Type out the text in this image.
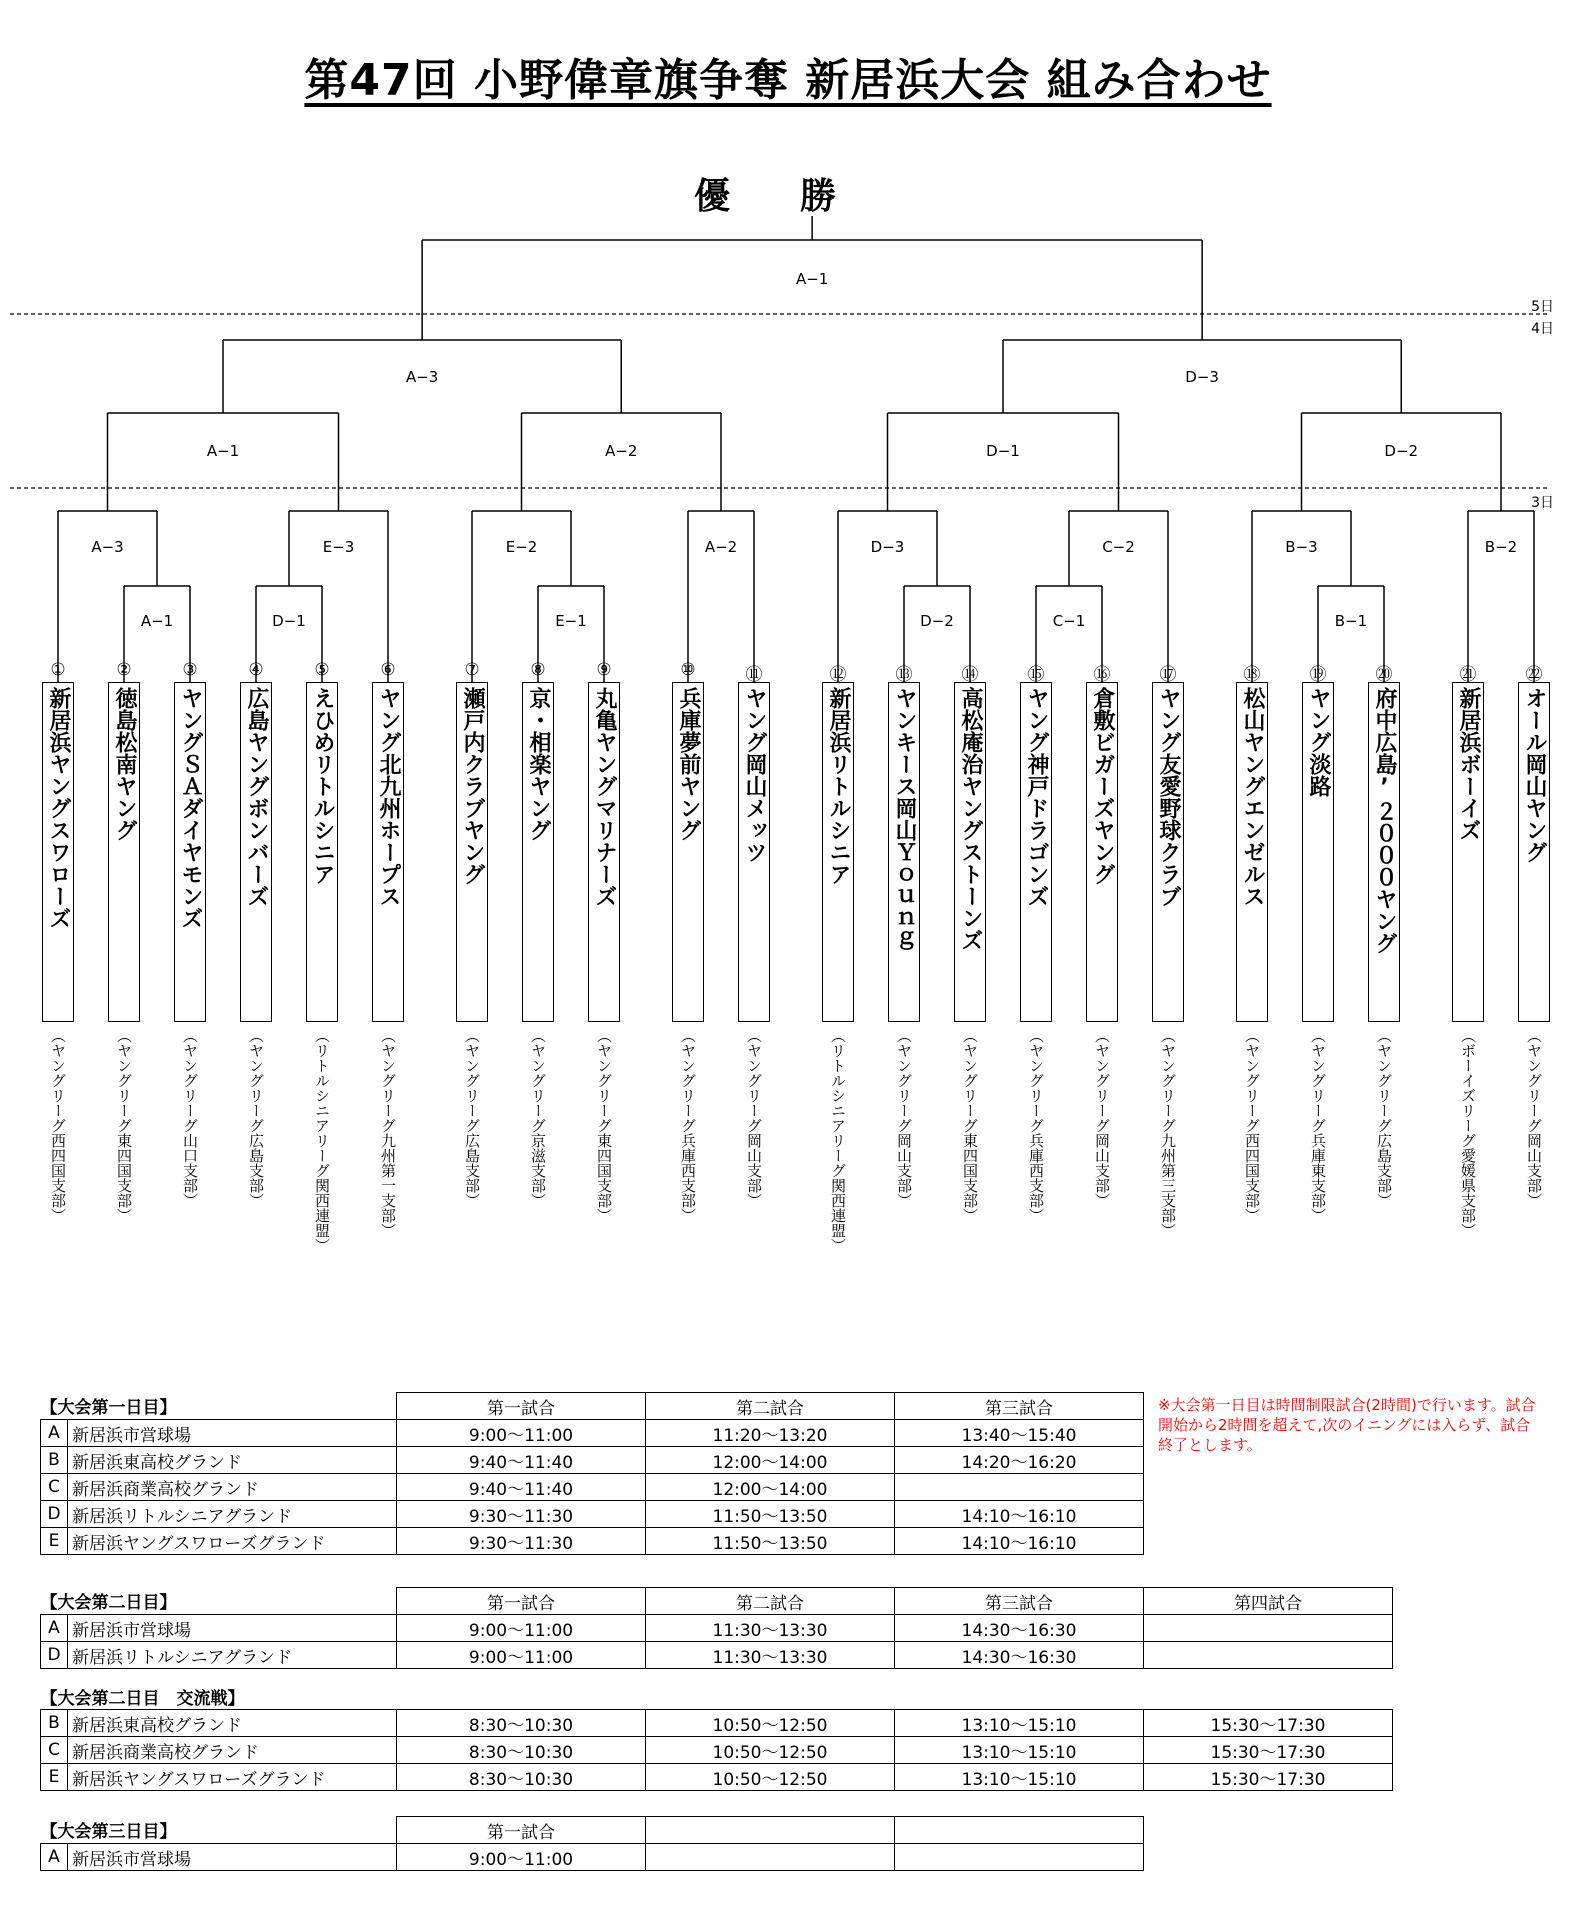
第47回 小野偉章旗争奪 新居浜大会 組み合わせ
優勝
A−1
A−3	D−3
A−1	A−2	D−1	D−2
A−3	E−3	E−2	A−2	D−3	C−2	B−3	B−2
A−1	D−1	E−1	D−2	C−1	B−1
5日
4日
3日
①
新居浜ヤングスワローズ
（ヤングリーグ西四国支部）
②
徳島松南ヤング
（ヤングリーグ東四国支部）
③
ヤングＳＡダイヤモンズ
（ヤングリーグ山口支部）
④
広島ヤングボンバーズ
（ヤングリーグ広島支部）
⑤
えひめリトルシニア
（リトルシニアリーグ関西連盟）
⑥
ヤング北九州ホープス
（ヤングリーグ九州第一支部）
⑦
瀬戸内クラブヤング
（ヤングリーグ広島支部）
⑧
京・相楽ヤング
（ヤングリーグ京滋支部）
⑨
丸亀ヤングマリナーズ
（ヤングリーグ東四国支部）
⑩
兵庫夢前ヤング
（ヤングリーグ兵庫西支部）
⑪
ヤング岡山メッツ
（ヤングリーグ岡山支部）
⑫
新居浜リトルシニア
（リトルシニアリーグ関西連盟）
⑬
ヤンキース岡山Ｙｏｕｎｇ
（ヤングリーグ岡山支部）
⑭
高松庵治ヤングストーンズ
（ヤングリーグ東四国支部）
⑮
ヤング神戸ドラゴンズ
（ヤングリーグ兵庫西支部）
⑯
倉敷ビガーズヤング
（ヤングリーグ岡山支部）
⑰
ヤング友愛野球クラブ
（ヤングリーグ九州第三支部）
⑱
松山ヤングエンゼルス
（ヤングリーグ西四国支部）
⑲
ヤング淡路
（ヤングリーグ兵庫東支部）
⑳
府中広島’２０００ヤング
（ヤングリーグ広島支部）
㉑
新居浜ボーイズ
（ボーイズリーグ愛媛県支部）
㉒
オール岡山ヤング
（ヤングリーグ岡山支部）
※大会第一日目は時間制限試合(2時間)で行います。試合開始から2時間を超えて,次のイニングには入らず、試合終了とします。
【大会第一日目】		第一試合	第二試合	第三試合
A	新居浜市営球場	9:00〜11:00	11:20〜13:20	13:40〜15:40
B	新居浜東高校グランド	9:40〜11:40	12:00〜14:00	14:20〜16:20
C	新居浜商業高校グランド	9:40〜11:40	12:00〜14:00	
D	新居浜リトルシニアグランド	9:30〜11:30	11:50〜13:50	14:10〜16:10
E	新居浜ヤングスワローズグランド	9:30〜11:30	11:50〜13:50	14:10〜16:10
【大会第二日目】		第一試合	第二試合	第三試合	第四試合
A	新居浜市営球場	9:00〜11:00	11:30〜13:30	14:30〜16:30	
D	新居浜リトルシニアグランド	9:00〜11:00	11:30〜13:30	14:30〜16:30	
【大会第二日目　交流戦】					
B	新居浜東高校グランド	8:30〜10:30	10:50〜12:50	13:10〜15:10	15:30〜17:30
C	新居浜商業高校グランド	8:30〜10:30	10:50〜12:50	13:10〜15:10	15:30〜17:30
E	新居浜ヤングスワローズグランド	8:30〜10:30	10:50〜12:50	13:10〜15:10	15:30〜17:30
【大会第三日目】		第一試合		
A	新居浜市営球場	9:00〜11:00		
